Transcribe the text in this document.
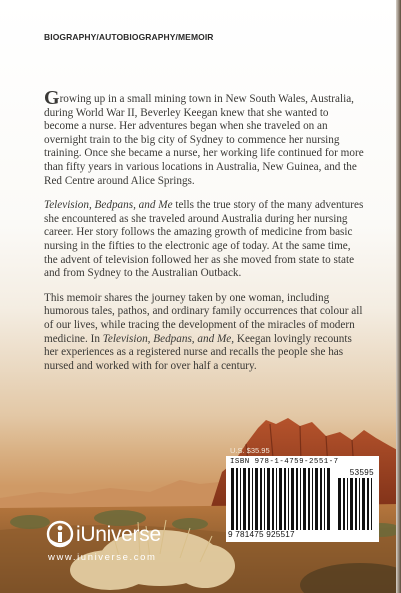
BIOGRAPHY/AUTOBIOGRAPHY/MEMOIR

Growing up in a small mining town in New South Wales, Australia, during World War II, Beverley Keegan knew that she wanted to become a nurse. Her adventures began when she traveled on an overnight train to the big city of Sydney to commence her nursing training. Once she became a nurse, her working life continued for more than fifty years in various locations in Australia, New Guinea, and the Red Centre around Alice Springs.

Television, Bedpans, and Me tells the true story of the many adventures she encountered as she traveled around Australia during her nursing career. Her story follows the amazing growth of medicine from basic nursing in the fifties to the electronic age of today. At the same time, the advent of television followed her as she moved from state to state and from Sydney to the Australian Outback.

This memoir shares the journey taken by one woman, including humorous tales, pathos, and ordinary family occurrences that colour all of our lives, while tracing the development of the miracles of modern medicine. In Television, Bedpans, and Me, Keegan lovingly recounts her experiences as a registered nurse and recalls the people she has nursed and worked with for over half a century.

U.S. $35.95
ISBN 978-1-4759-2551-7
53595
9 781475 925517
iUniverse
www.iuniverse.com
